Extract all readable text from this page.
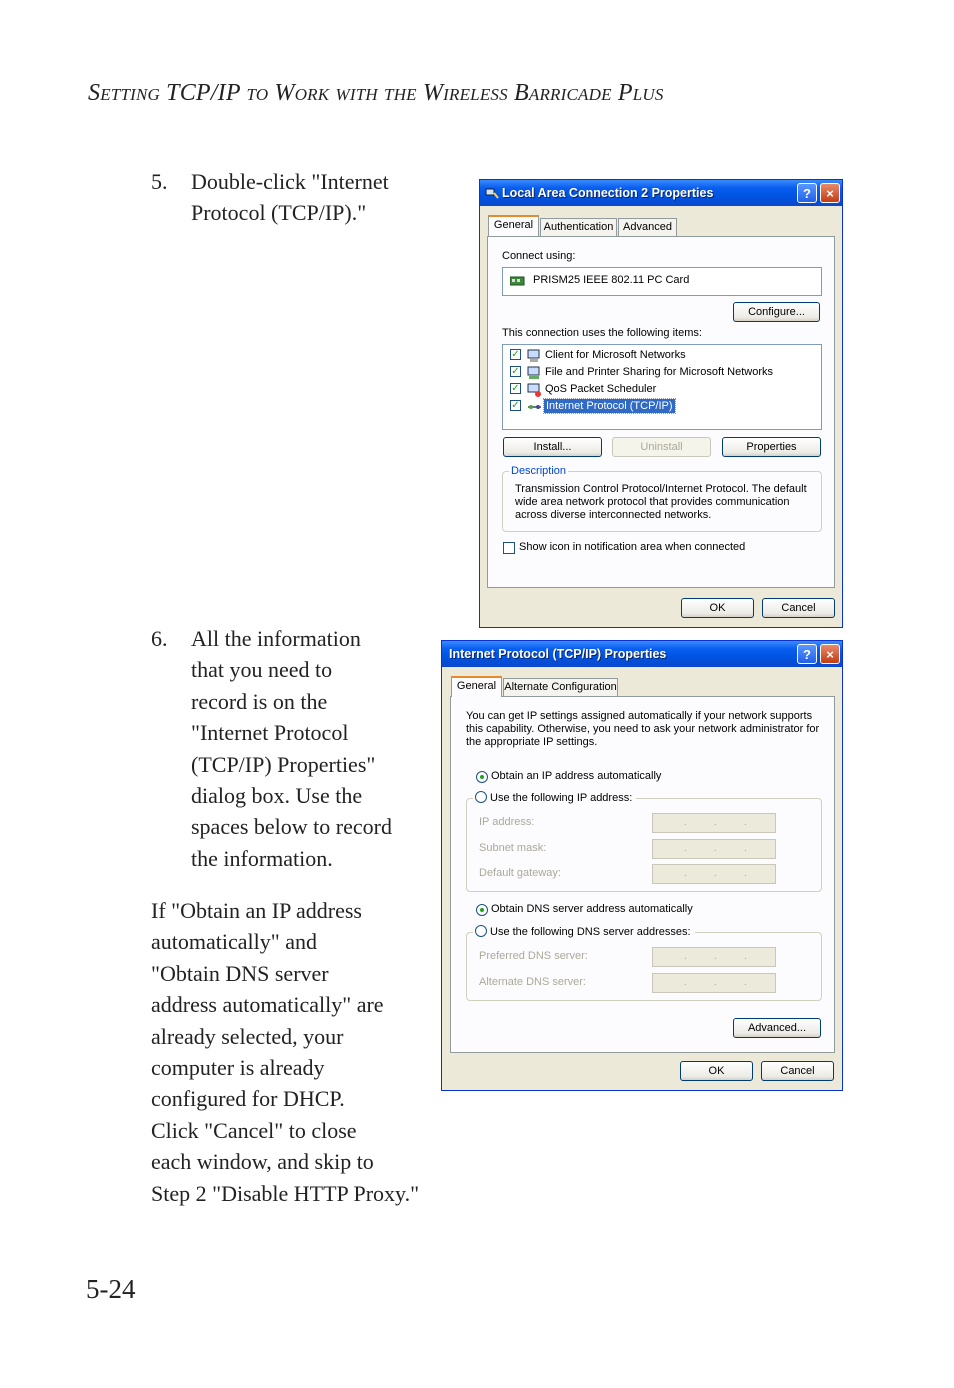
Setting TCP/IP to Work with the Wireless Barricade Plus
5. Double-click "Internet
Protocol (TCP/IP)."
6. All the information
that you need to
record is on the
"Internet Protocol
(TCP/IP) Properties"
dialog box. Use the
spaces below to record
the information.
If "Obtain an IP address
automatically" and
"Obtain DNS server
address automatically" are
already selected, your
computer is already
configured for DHCP.
Click "Cancel" to close
each window, and skip to
Step 2 "Disable HTTP Proxy."
5-24
Local Area Connection 2 Properties	?	×
General Authentication Advanced
Connect using:
PRISM25 IEEE 802.11 PC Card
Configure...
This connection uses the following items:
✓ Client for Microsoft Networks
✓ File and Printer Sharing for Microsoft Networks
✓ QoS Packet Scheduler
✓ Internet Protocol (TCP/IP)
Install...	Uninstall	Properties
Description
Transmission Control Protocol/Internet Protocol. The default
wide area network protocol that provides communication
across diverse interconnected networks.
Show icon in notification area when connected
OK	Cancel
Internet Protocol (TCP/IP) Properties	?	×
General Alternate Configuration
You can get IP settings assigned automatically if your network supports
this capability. Otherwise, you need to ask your network administrator for
the appropriate IP settings.
Obtain an IP address automatically
Use the following IP address:
IP address:	.	.	.
Subnet mask:	.	.	.
Default gateway:	.	.	.
Obtain DNS server address automatically
Use the following DNS server addresses:
Preferred DNS server:	.	.	.
Alternate DNS server:	.	.	.
Advanced...
OK	Cancel
